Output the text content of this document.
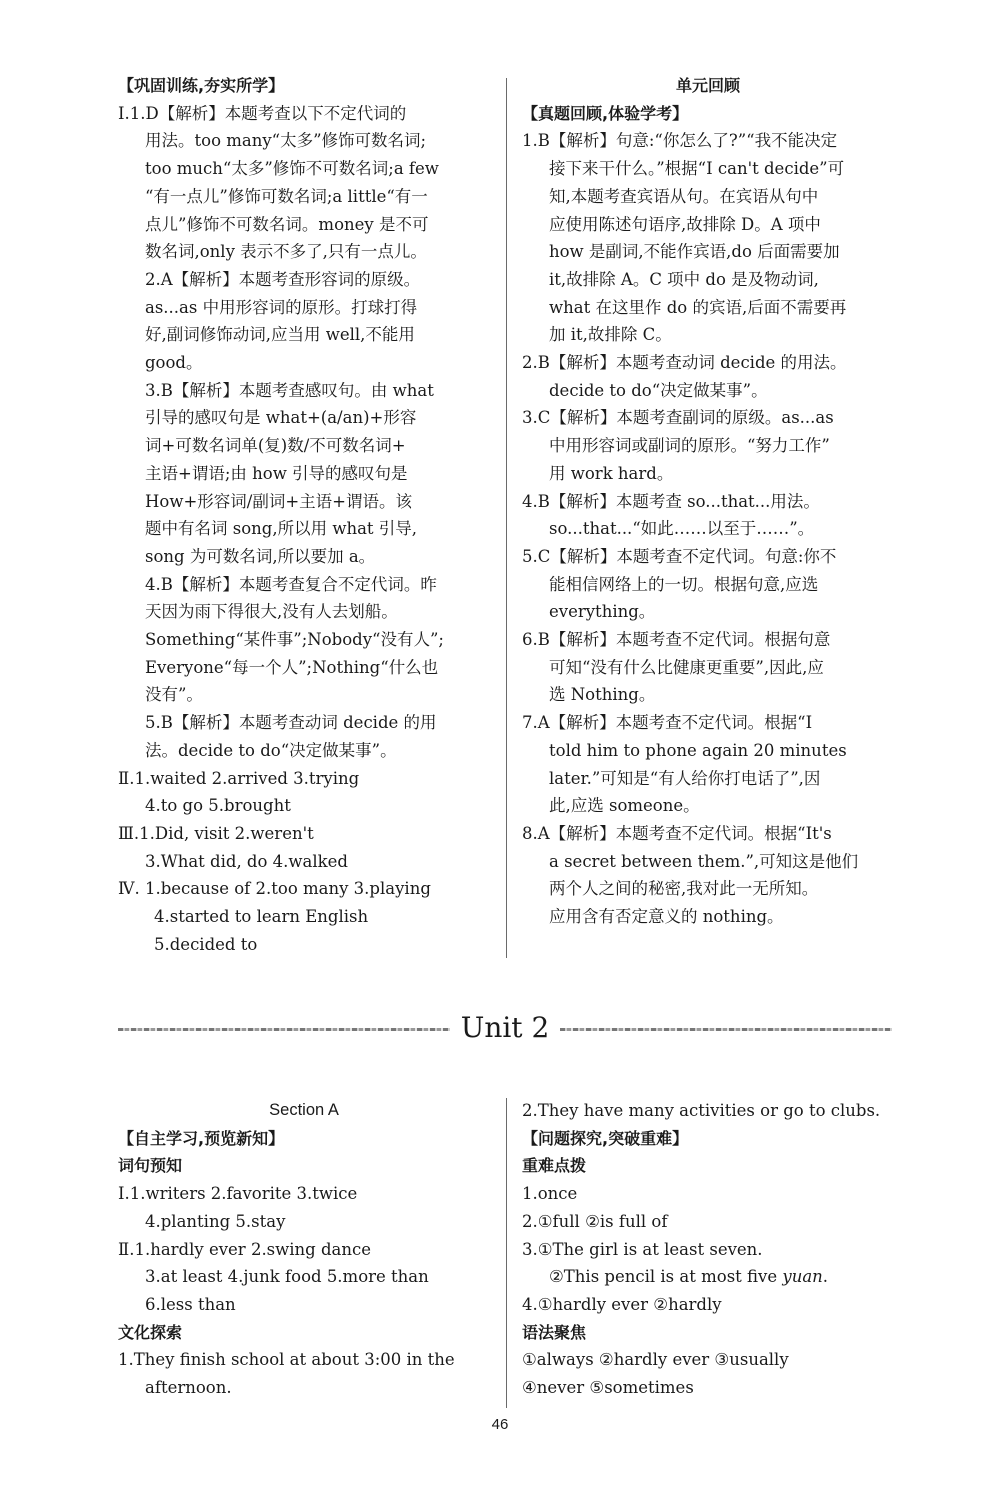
【巩固训练,夯实所学】
Ⅰ.1.D【解析】本题考查以下不定代词的
用法。too many“太多”修饰可数名词;
too much“太多”修饰不可数名词;a few
“有一点儿”修饰可数名词;a little“有一
点儿”修饰不可数名词。money 是不可
数名词,only 表示不多了,只有一点儿。
2.A【解析】本题考查形容词的原级。
as...as 中用形容词的原形。打球打得
好,副词修饰动词,应当用 well,不能用
good。
3.B【解析】本题考查感叹句。由 what
引导的感叹句是 what+(a/an)+形容
词+可数名词单(复)数/不可数名词+
主语+谓语;由 how 引导的感叹句是
How+形容词/副词+主语+谓语。该
题中有名词 song,所以用 what 引导,
song 为可数名词,所以要加 a。
4.B【解析】本题考查复合不定代词。昨
天因为雨下得很大,没有人去划船。
Something“某件事”;Nobody“没有人”;
Everyone“每一个人”;Nothing“什么也
没有”。
5.B【解析】本题考查动词 decide 的用
法。decide to do“决定做某事”。
Ⅱ.1.waited 2.arrived 3.trying
4.to go 5.brought
Ⅲ.1.Did, visit 2.weren't
3.What did, do 4.walked
Ⅳ. 1.because of 2.too many 3.playing
4.started to learn English
5.decided to
单元回顾
【真题回顾,体验学考】
1.B【解析】句意:“你怎么了?”“我不能决定
接下来干什么。”根据“I can't decide”可
知,本题考查宾语从句。在宾语从句中
应使用陈述句语序,故排除 D。A 项中
how 是副词,不能作宾语,do 后面需要加
it,故排除 A。C 项中 do 是及物动词,
what 在这里作 do 的宾语,后面不需要再
加 it,故排除 C。
2.B【解析】本题考查动词 decide 的用法。
decide to do“决定做某事”。
3.C【解析】本题考查副词的原级。as...as
中用形容词或副词的原形。“努力工作”
用 work hard。
4.B【解析】本题考查 so...that...用法。
so...that...“如此……以至于……”。
5.C【解析】本题考查不定代词。句意:你不
能相信网络上的一切。根据句意,应选
everything。
6.B【解析】本题考查不定代词。根据句意
可知“没有什么比健康更重要”,因此,应
选 Nothing。
7.A【解析】本题考查不定代词。根据“I
told him to phone again 20 minutes
later.”可知是“有人给你打电话了”,因
此,应选 someone。
8.A【解析】本题考查不定代词。根据“It's
a secret between them.”,可知这是他们
两个人之间的秘密,我对此一无所知。
应用含有否定意义的 nothing。
Unit 2
Section A
【自主学习,预览新知】
词句预知
Ⅰ.1.writers 2.favorite 3.twice
4.planting 5.stay
Ⅱ.1.hardly ever 2.swing dance
3.at least 4.junk food 5.more than
6.less than
文化探索
1.They finish school at about 3:00 in the
afternoon.
2.They have many activities or go to clubs.
【问题探究,突破重难】
重难点拨
1.once
2.①full ②is full of
3.①The girl is at least seven.
②This pencil is at most five yuan.
4.①hardly ever ②hardly
语法聚焦
①always ②hardly ever ③usually
④never ⑤sometimes
46
